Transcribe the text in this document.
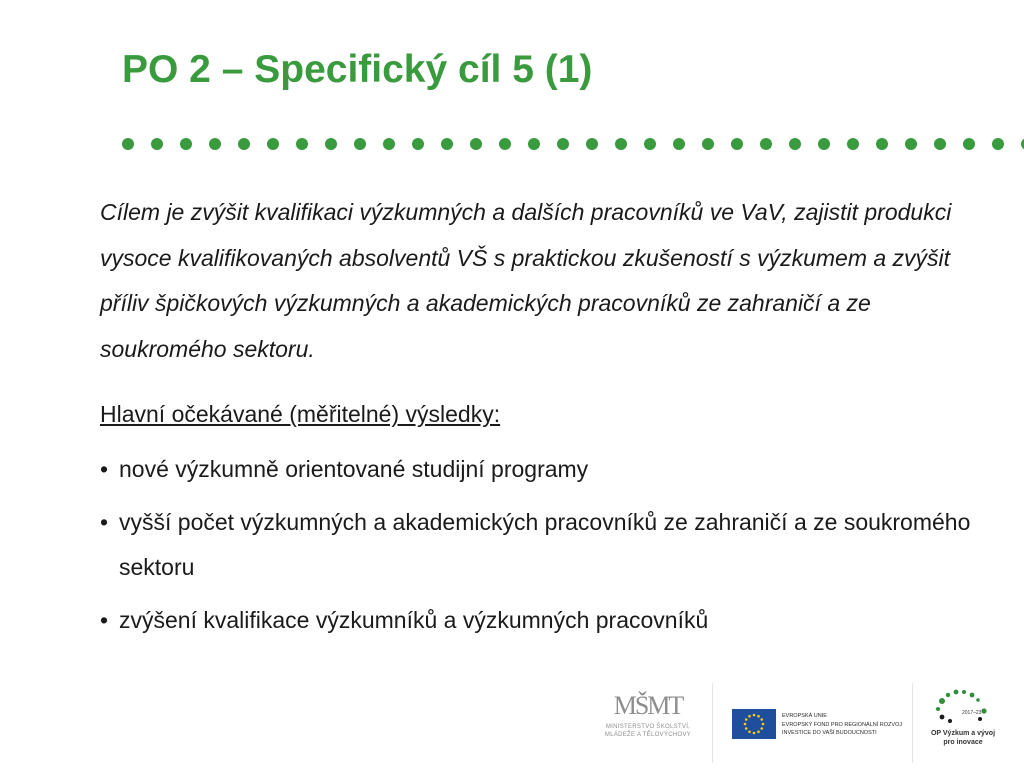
PO 2 – Specifický cíl 5 (1)

Cílem je zvýšit kvalifikaci výzkumných a dalších pracovníků ve VaV, zajistit produkci vysoce kvalifikovaných absolventů VŠ s praktickou zkušeností s výzkumem a zvýšit příliv špičkových výzkumných a akademických pracovníků ze zahraničí a ze soukromého sektoru.

Hlavní očekávané (měřitelné) výsledky:

• nové výzkumně orientované studijní programy
• vyšší počet výzkumných a akademických pracovníků ze zahraničí a ze soukromého sektoru
• zvýšení kvalifikace výzkumníků a výzkumných pracovníků
MŠMT
MINISTERSTVO ŠKOLSTVÍ,
MLÁDEŽE A TĚLOVÝCHOVY
EVROPSKÁ UNIE
EVROPSKÝ FOND PRO REGIONÁLNÍ ROZVOJ
INVESTICE DO VAŠÍ BUDOUCNOSTI
2017–23
OP Výzkum a vývoj
pro inovace
